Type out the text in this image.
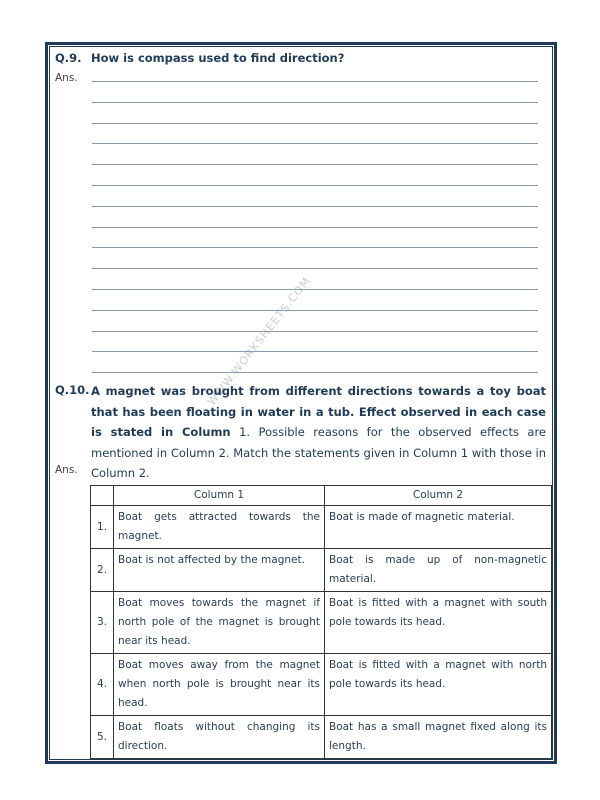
WWW.WORKSHEETS.COM
Q.9. How is compass used to find direction?
Ans.
Q.10. A magnet was brought from different directions towards a toy boat that has been floating in water in a tub. Effect observed in each case is stated in Column 1. Possible reasons for the observed effects are mentioned in Column 2. Match the statements given in Column 1 with those in Column 2.
Ans.
	Column 1	Column 2
1.	Boat gets attracted towards the magnet.	Boat is made of magnetic material.
2.	Boat is not affected by the magnet.	Boat is made up of non-magnetic material.
3.	Boat moves towards the magnet if north pole of the magnet is brought near its head.	Boat is fitted with a magnet with south pole towards its head.
4.	Boat moves away from the magnet when north pole is brought near its head.	Boat is fitted with a magnet with north pole towards its head.
5.	Boat floats without changing its direction.	Boat has a small magnet fixed along its length.
